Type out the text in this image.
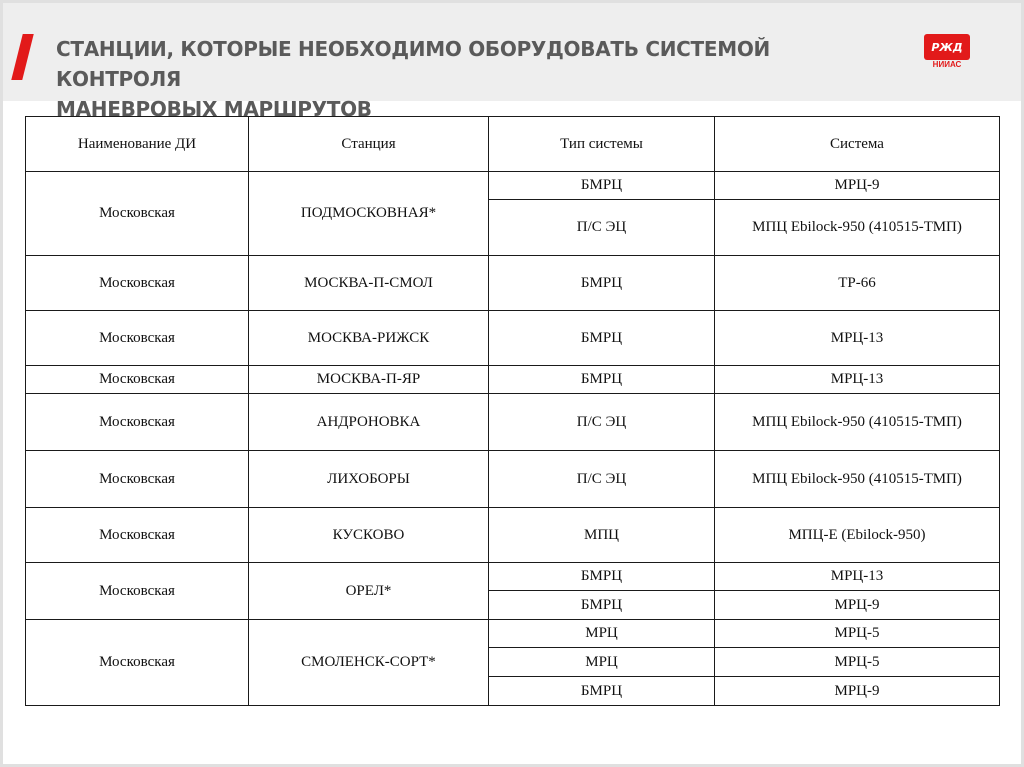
СТАНЦИИ, КОТОРЫЕ НЕОБХОДИМО ОБОРУДОВАТЬ СИСТЕМОЙ КОНТРОЛЯ
МАНЕВРОВЫХ МАРШРУТОВ
РЖД
НИИАС
Наименование ДИ	Станция	Тип системы	Система
Московская	ПОДМОСКОВНАЯ*	БМРЦ	МРЦ-9
		П/С ЭЦ	МПЦ Ebilock-950 (410515-ТМП)
Московская	МОСКВА-П-СМОЛ	БМРЦ	ТР-66
Московская	МОСКВА-РИЖСК	БМРЦ	МРЦ-13
Московская	МОСКВА-П-ЯР	БМРЦ	МРЦ-13
Московская	АНДРОНОВКА	П/С ЭЦ	МПЦ Ebilock-950 (410515-ТМП)
Московская	ЛИХОБОРЫ	П/С ЭЦ	МПЦ Ebilock-950 (410515-ТМП)
Московская	КУСКОВО	МПЦ	МПЦ-Е (Ebilock-950)
Московская	ОРЕЛ*	БМРЦ	МРЦ-13
		БМРЦ	МРЦ-9
Московская	СМОЛЕНСК-СОРТ*	МРЦ	МРЦ-5
		МРЦ	МРЦ-5
		БМРЦ	МРЦ-9
